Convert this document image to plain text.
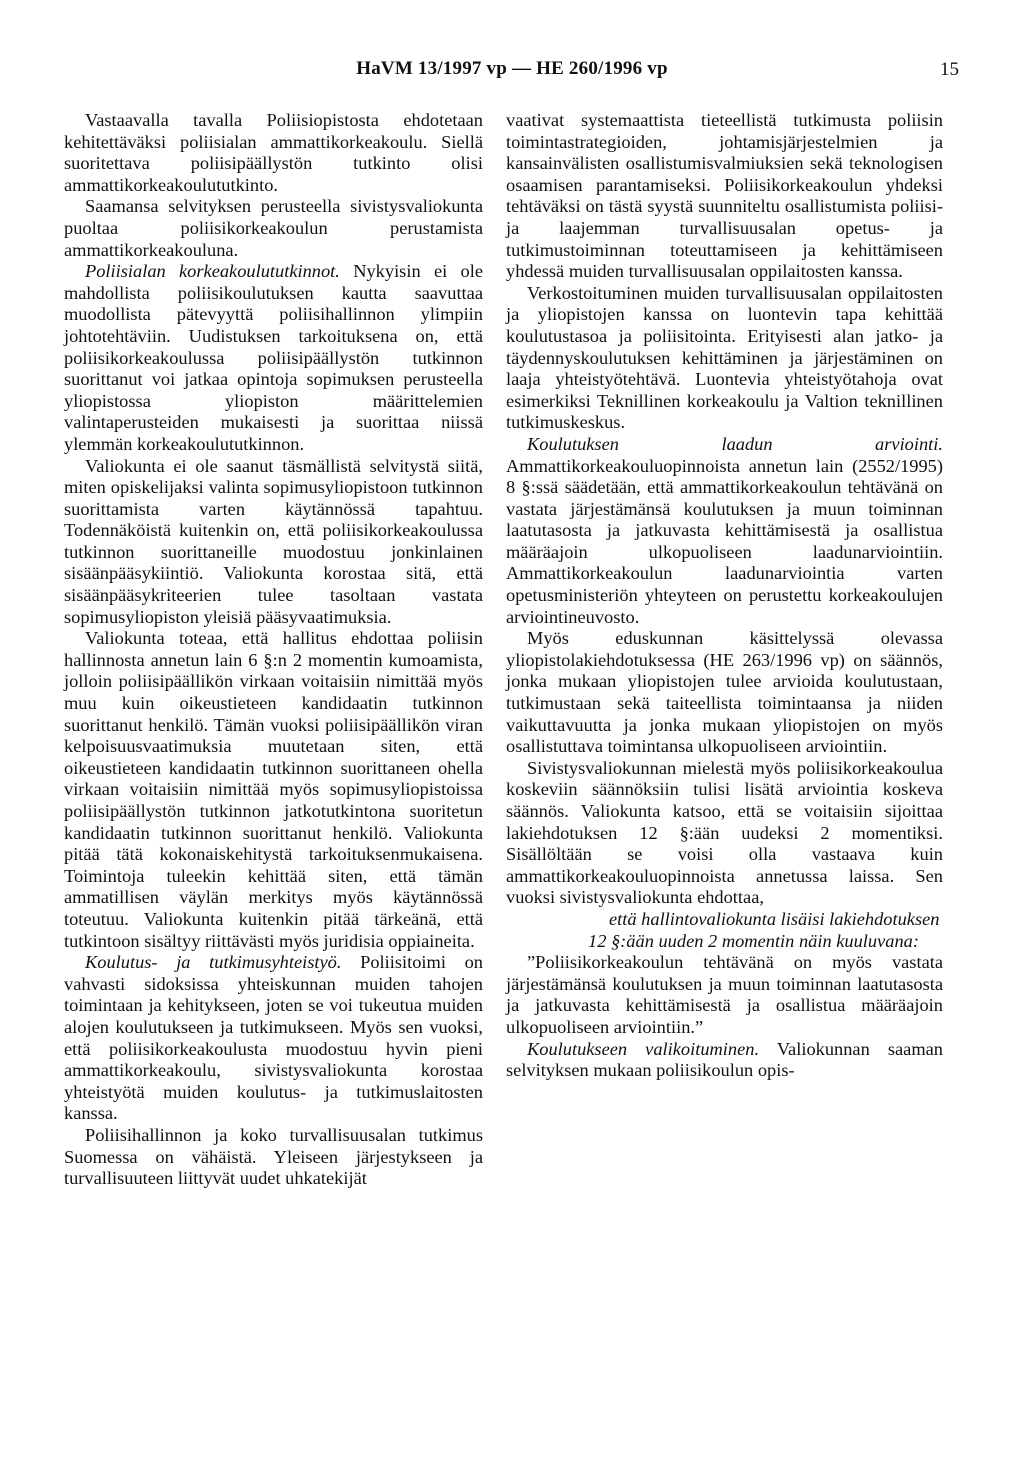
HaVM 13/1997 vp — HE 260/1996 vp	15

Vastaavalla tavalla Poliisiopistosta ehdotetaan kehitettäväksi poliisialan ammattikorkeakoulu. Siellä suoritettava poliisipäällystön tutkinto olisi ammattikorkeakoulututkinto.

Saamansa selvityksen perusteella sivistysvaliokunta puoltaa poliisikorkeakoulun perustamista ammattikorkeakouluna.

Poliisialan korkeakoulututkinnot. Nykyisin ei ole mahdollista poliisikoulutuksen kautta saavuttaa muodollista pätevyyttä poliisihallinnon ylimpiin johtotehtäviin. Uudistuksen tarkoituksena on, että poliisikorkeakoulussa poliisipäällystön tutkinnon suorittanut voi jatkaa opintoja sopimuksen perusteella yliopistossa yliopiston määrittelemien valintaperusteiden mukaisesti ja suorittaa niissä ylemmän korkeakoulututkinnon.

Valiokunta ei ole saanut täsmällistä selvitystä siitä, miten opiskelijaksi valinta sopimusyliopistoon tutkinnon suorittamista varten käytännössä tapahtuu. Todennäköistä kuitenkin on, että poliisikorkeakoulussa tutkinnon suorittaneille muodostuu jonkinlainen sisäänpääsykiintiö. Valiokunta korostaa sitä, että sisäänpääsykriteerien tulee tasoltaan vastata sopimusyliopiston yleisiä pääsyvaatimuksia.

Valiokunta toteaa, että hallitus ehdottaa poliisin hallinnosta annetun lain 6 §:n 2 momentin kumoamista, jolloin poliisipäällikön virkaan voitaisiin nimittää myös muu kuin oikeustieteen kandidaatin tutkinnon suorittanut henkilö. Tämän vuoksi poliisipäällikön viran kelpoisuusvaatimuksia muutetaan siten, että oikeustieteen kandidaatin tutkinnon suorittaneen ohella virkaan voitaisiin nimittää myös sopimusyliopistoissa poliisipäällystön tutkinnon jatkotutkintona suoritetun kandidaatin tutkinnon suorittanut henkilö. Valiokunta pitää tätä kokonaiskehitystä tarkoituksenmukaisena. Toimintoja tuleekin kehittää siten, että tämän ammatillisen väylän merkitys myös käytännössä toteutuu. Valiokunta kuitenkin pitää tärkeänä, että tutkintoon sisältyy riittävästi myös juridisia oppiaineita.

Koulutus- ja tutkimusyhteistyö. Poliisitoimi on vahvasti sidoksissa yhteiskunnan muiden tahojen toimintaan ja kehitykseen, joten se voi tukeutua muiden alojen koulutukseen ja tutkimukseen. Myös sen vuoksi, että poliisikorkeakoulusta muodostuu hyvin pieni ammattikorkeakoulu, sivistysvaliokunta korostaa yhteistyötä muiden koulutus- ja tutkimuslaitosten kanssa.

Poliisihallinnon ja koko turvallisuusalan tutkimus Suomessa on vähäistä. Yleiseen järjestykseen ja turvallisuuteen liittyvät uudet uhkatekijät

vaativat systemaattista tieteellistä tutkimusta poliisin toimintastrategioiden, johtamisjärjestelmien ja kansainvälisten osallistumisvalmiuksien sekä teknologisen osaamisen parantamiseksi. Poliisikorkeakoulun yhdeksi tehtäväksi on tästä syystä suunniteltu osallistumista poliisi- ja laajemman turvallisuusalan opetus- ja tutkimustoiminnan toteuttamiseen ja kehittämiseen yhdessä muiden turvallisuusalan oppilaitosten kanssa.

Verkostoituminen muiden turvallisuusalan oppilaitosten ja yliopistojen kanssa on luontevin tapa kehittää koulutustasoa ja poliisitointa. Erityisesti alan jatko- ja täydennyskoulutuksen kehittäminen ja järjestäminen on laaja yhteistyötehtävä. Luontevia yhteistyötahoja ovat esimerkiksi Teknillinen korkeakoulu ja Valtion teknillinen tutkimuskeskus.

Koulutuksen laadun arviointi. Ammattikorkeakouluopinnoista annetun lain (2552/1995) 8 §:ssä säädetään, että ammattikorkeakoulun tehtävänä on vastata järjestämänsä koulutuksen ja muun toiminnan laatutasosta ja jatkuvasta kehittämisestä ja osallistua määräajoin ulkopuoliseen laadunarviointiin. Ammattikorkeakoulun laadunarviointia varten opetusministeriön yhteyteen on perustettu korkeakoulujen arviointineuvosto.

Myös eduskunnan käsittelyssä olevassa yliopistolakiehdotuksessa (HE 263/1996 vp) on säännös, jonka mukaan yliopistojen tulee arvioida koulutustaan, tutkimustaan sekä taiteellista toimintaansa ja niiden vaikuttavuutta ja jonka mukaan yliopistojen on myös osallistuttava toimintansa ulkopuoliseen arviointiin.

Sivistysvaliokunnan mielestä myös poliisikorkeakoulua koskeviin säännöksiin tulisi lisätä arviointia koskeva säännös. Valiokunta katsoo, että se voitaisiin sijoittaa lakiehdotuksen 12 §:ään uudeksi 2 momentiksi. Sisällöltään se voisi olla vastaava kuin ammattikorkeakouluopinnoista annetussa laissa. Sen vuoksi sivistysvaliokunta ehdottaa,

että hallintovaliokunta lisäisi lakiehdotuksen 12 §:ään uuden 2 momentin näin kuuluvana:

”Poliisikorkeakoulun tehtävänä on myös vastata järjestämänsä koulutuksen ja muun toiminnan laatutasosta ja jatkuvasta kehittämisestä ja osallistua määräajoin ulkopuoliseen arviointiin.”

Koulutukseen valikoituminen. Valiokunnan saaman selvityksen mukaan poliisikoulun opis-
